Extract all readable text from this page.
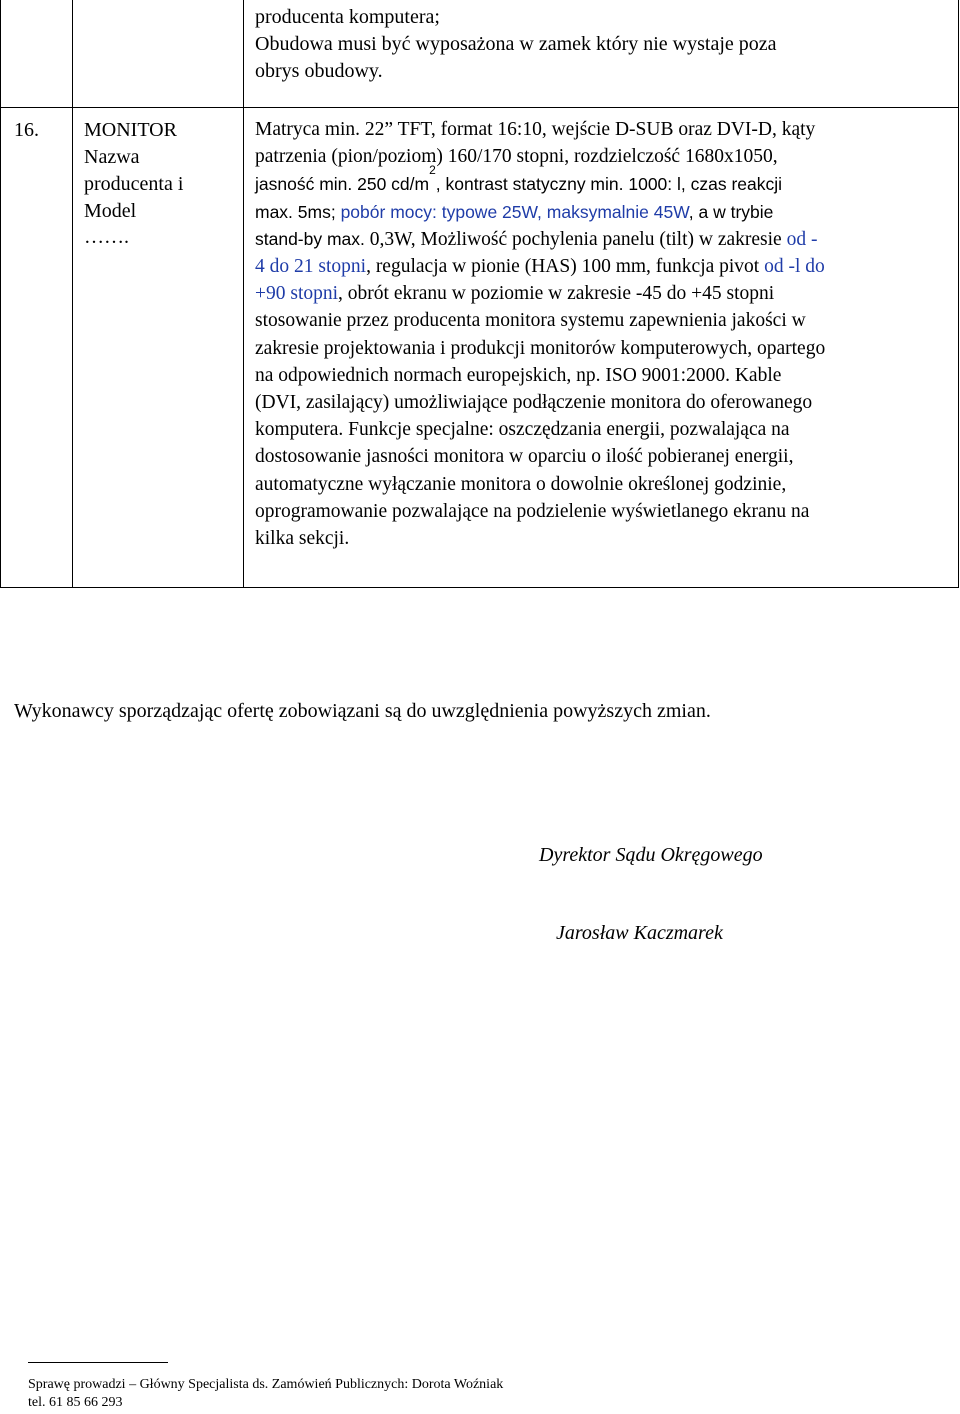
producenta komputera;
Obudowa musi być wyposażona w zamek który nie wystaje poza
obrys obudowy.
16. MONITOR
Nazwa
producenta i
Model
…….
Matryca min. 22” TFT, format 16:10, wejście D-SUB oraz DVI-D, kąty
patrzenia (pion/poziom) 160/170 stopni, rozdzielczość 1680x1050,
jasność min. 250 $cd/m^2$, kontrast statyczny min. 1000: l, czas reakcji
max. 5ms; pobór mocy: typowe 25W, maksymalnie 45W, a w trybie
stand-by max. 0,3W, Możliwość pochylenia panelu (tilt) w zakresie od -
4 do 21 stopni, regulacja w pionie (HAS) 100 mm, funkcja pivot od -l do
+90 stopni, obrót ekranu w poziomie w zakresie -45 do +45 stopni
stosowanie przez producenta monitora systemu zapewnienia jakości w
zakresie projektowania i produkcji monitorów komputerowych, opartego
na odpowiednich normach europejskich, np. ISO 9001:2000. Kable
(DVI, zasilający) umożliwiające podłączenie monitora do oferowanego
komputera. Funkcje specjalne: oszczędzania energii, pozwalająca na
dostosowanie jasności monitora w oparciu o ilość pobieranej energii,
automatyczne wyłączanie monitora o dowolnie określonej godzinie,
oprogramowanie pozwalające na podzielenie wyświetlanego ekranu na
kilka sekcji.
Wykonawcy sporządzając ofertę zobowiązani są do uwzględnienia powyższych zmian.
Dyrektor Sądu Okręgowego
Jarosław Kaczmarek
Sprawę prowadzi – Główny Specjalista ds. Zamówień Publicznych: Dorota Woźniak
tel. 61 85 66 293
